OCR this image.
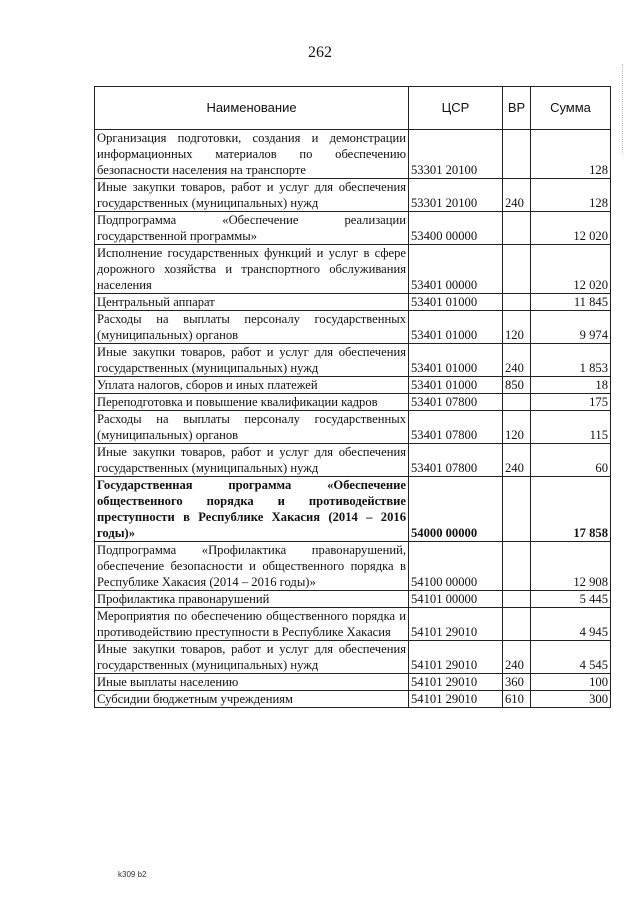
262
Наименование	ЦСР	ВР	Сумма
Организация подготовки, создания и демонстрации информационных материалов по обеспечению безопасности населения на транспорте	53301 20100		128
Иные закупки товаров, работ и услуг для обеспечения государственных (муниципальных) нужд	53301 20100	240	128
Подпрограмма «Обеспечение реализации государственной программы»	53400 00000		12 020
Исполнение государственных функций и услуг в сфере дорожного хозяйства и транспортного обслуживания населения	53401 00000		12 020
Центральный аппарат	53401 01000		11 845
Расходы на выплаты персоналу государственных (муниципальных) органов	53401 01000	120	9 974
Иные закупки товаров, работ и услуг для обеспечения государственных (муниципальных) нужд	53401 01000	240	1 853
Уплата налогов, сборов и иных платежей	53401 01000	850	18
Переподготовка и повышение квалификации кадров	53401 07800		175
Расходы на выплаты персоналу государственных (муниципальных) органов	53401 07800	120	115
Иные закупки товаров, работ и услуг для обеспечения государственных (муниципальных) нужд	53401 07800	240	60
Государственная программа «Обеспечение общественного порядка и противодействие преступности в Республике Хакасия (2014 – 2016 годы)»	54000 00000		17 858
Подпрограмма «Профилактика правонарушений, обеспечение безопасности и общественного порядка в Республике Хакасия (2014 – 2016 годы)»	54100 00000		12 908
Профилактика правонарушений	54101 00000		5 445
Мероприятия по обеспечению общественного порядка и противодействию преступности в Республике Хакасия	54101 29010		4 945
Иные закупки товаров, работ и услуг для обеспечения государственных (муниципальных) нужд	54101 29010	240	4 545
Иные выплаты населению	54101 29010	360	100
Субсидии бюджетным учреждениям	54101 29010	610	300
k309 b2
